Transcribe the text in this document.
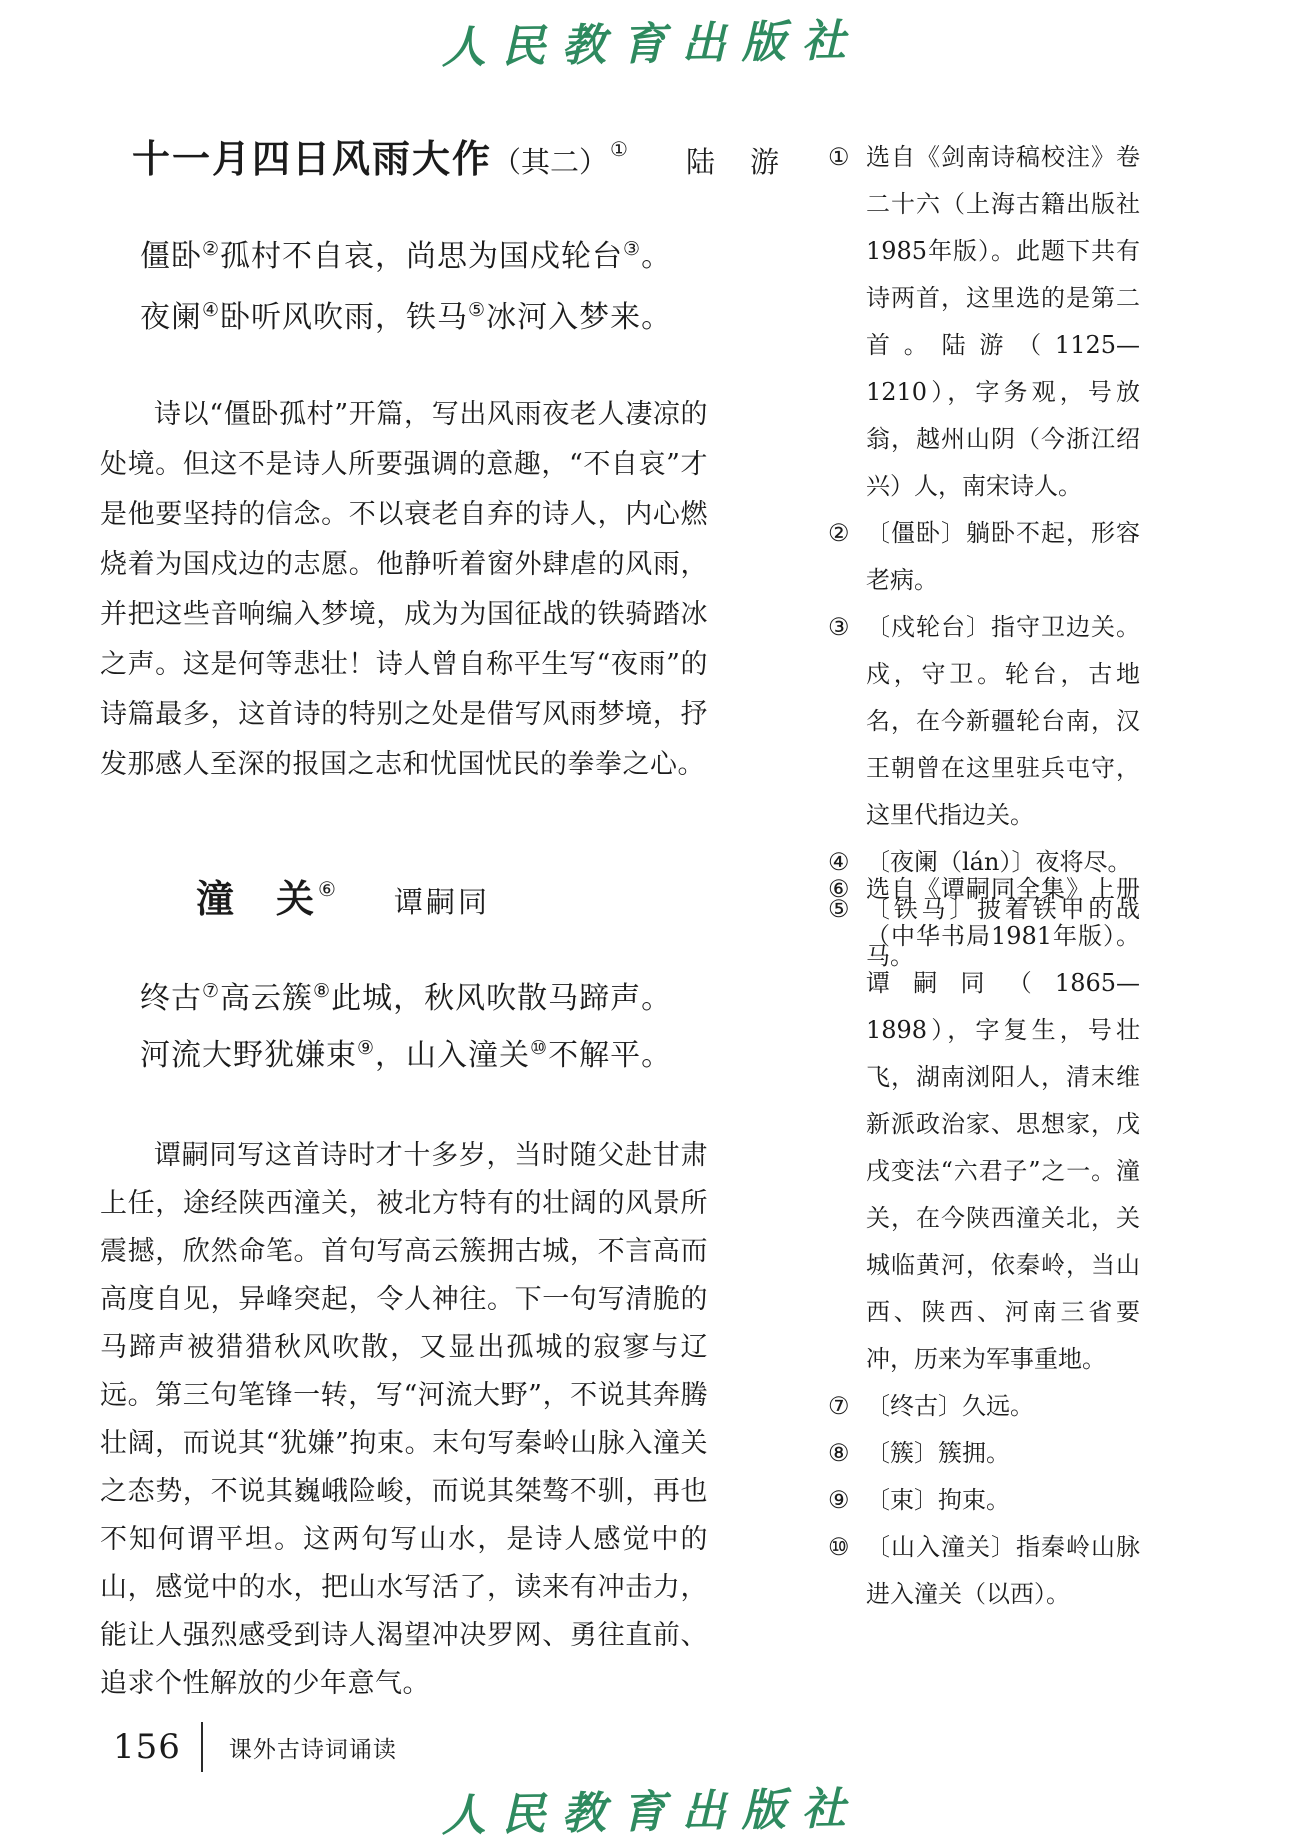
人民教育出版社
十一月四日风雨大作 （其二） ① 陆　游
僵卧②孤村不自哀，尚思为国戍轮台③。
夜阑④卧听风吹雨，铁马⑤冰河入梦来。

诗以“僵卧孤村”开篇，写出风雨夜老人凄凉的处境。但这不是诗人所要强调的意趣，“不自哀”才是他要坚持的信念。不以衰老自弃的诗人，内心燃烧着为国戍边的志愿。他静听着窗外肆虐的风雨，并把这些音响编入梦境，成为为国征战的铁骑踏冰之声。这是何等悲壮！诗人曾自称平生写“夜雨”的诗篇最多，这首诗的特别之处是借写风雨梦境，抒发那感人至深的报国之志和忧国忧民的拳拳之心。

潼　关 ⑥ 谭嗣同
终古⑦高云簇⑧此城，秋风吹散马蹄声。
河流大野犹嫌束⑨，山入潼关⑩不解平。

谭嗣同写这首诗时才十多岁，当时随父赴甘肃上任，途经陕西潼关，被北方特有的壮阔的风景所震撼，欣然命笔。首句写高云簇拥古城，不言高而高度自见，异峰突起，令人神往。下一句写清脆的马蹄声被猎猎秋风吹散，又显出孤城的寂寥与辽远。第三句笔锋一转，写“河流大野”，不说其奔腾壮阔，而说其“犹嫌”拘束。末句写秦岭山脉入潼关之态势，不说其巍峨险峻，而说其桀骜不驯，再也不知何谓平坦。这两句写山水，是诗人感觉中的山，感觉中的水，把山水写活了，读来有冲击力，能让人强烈感受到诗人渴望冲决罗网、勇往直前、追求个性解放的少年意气。

① 选自《剑南诗稿校注》卷二十六（上海古籍出版社1985年版）。此题下共有诗两首，这里选的是第二首。陆游（1125—1210），字务观，号放翁，越州山阴（今浙江绍兴）人，南宋诗人。
② 〔僵卧〕躺卧不起，形容老病。
③ 〔戍轮台〕指守卫边关。戍，守卫。轮台，古地名，在今新疆轮台南，汉王朝曾在这里驻兵屯守，这里代指边关。
④ 〔夜阑（lán）〕夜将尽。
⑤ 〔铁马〕披着铁甲的战马。
⑥ 选自《谭嗣同全集》上册（中华书局1981年版）。谭嗣同（1865—1898），字复生，号壮飞，湖南浏阳人，清末维新派政治家、思想家，戊戌变法“六君子”之一。潼关，在今陕西潼关北，关城临黄河，依秦岭，当山西、陕西、河南三省要冲，历来为军事重地。
⑦ 〔终古〕久远。
⑧ 〔簇〕簇拥。
⑨ 〔束〕拘束。
⑩ 〔山入潼关〕指秦岭山脉进入潼关（以西）。
156 课外古诗词诵读
人民教育出版社
